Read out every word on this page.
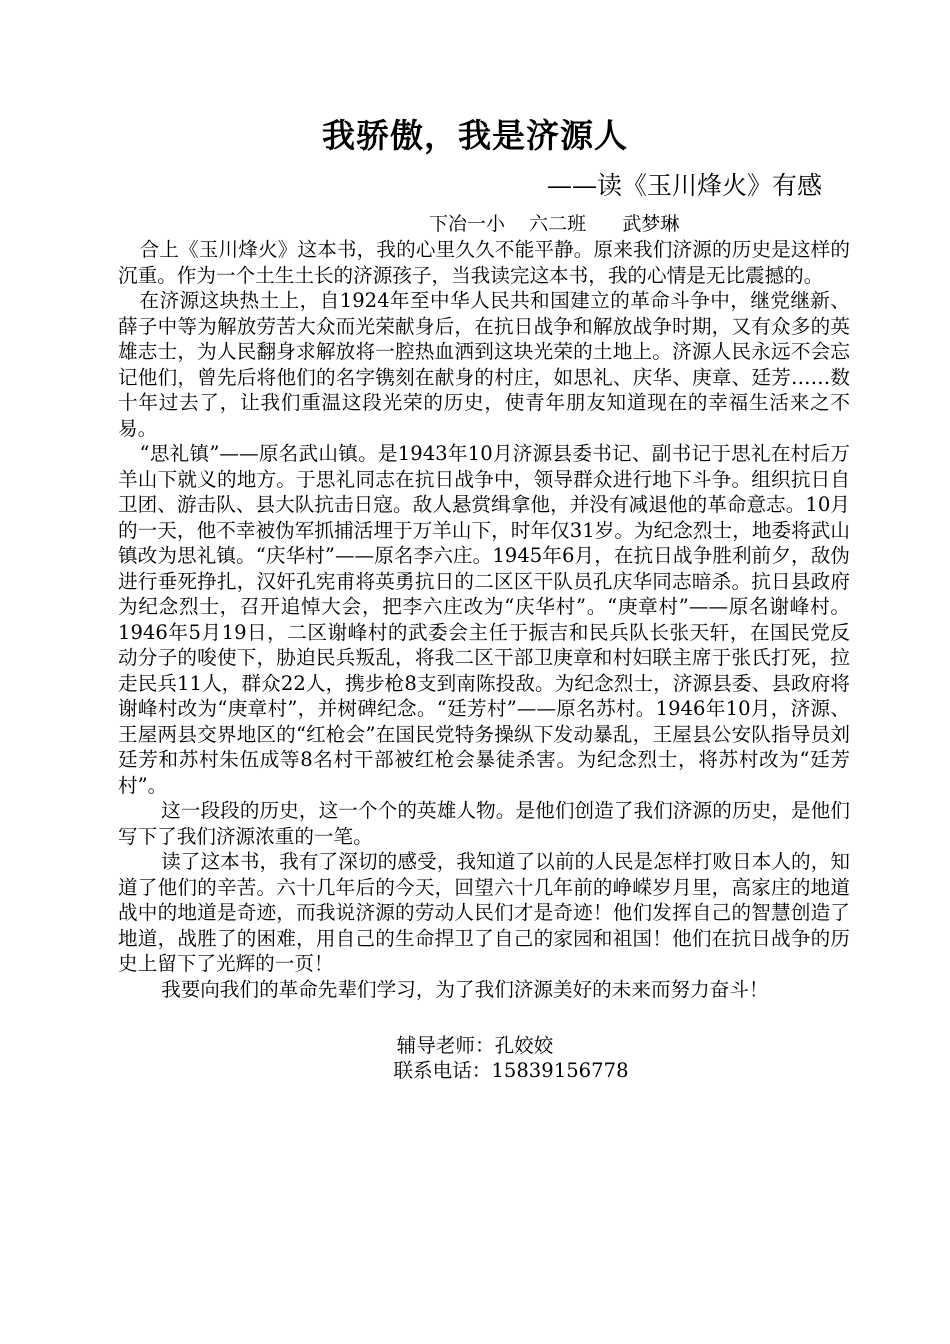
我骄傲，我是济源人
——读《玉川烽火》有感
下冶一小    六二班      武梦琳

合上《玉川烽火》这本书，我的心里久久不能平静。原来我们济源的历史是这样的沉重。作为一个土生土长的济源孩子，当我读完这本书，我的心情是无比震撼的。

在济源这块热土上，自1924年至中华人民共和国建立的革命斗争中，继党继新、薛子中等为解放劳苦大众而光荣献身后，在抗日战争和解放战争时期，又有众多的英雄志士，为人民翻身求解放将一腔热血洒到这块光荣的土地上。济源人民永远不会忘记他们，曾先后将他们的名字镌刻在献身的村庄，如思礼、庆华、庚章、廷芳……数十年过去了，让我们重温这段光荣的历史，使青年朋友知道现在的幸福生活来之不易。

“思礼镇”——原名武山镇。是1943年10月济源县委书记、副书记于思礼在村后万羊山下就义的地方。于思礼同志在抗日战争中，领导群众进行地下斗争。组织抗日自卫团、游击队、县大队抗击日寇。敌人悬赏缉拿他，并没有减退他的革命意志。10月的一天，他不幸被伪军抓捕活埋于万羊山下，时年仅31岁。为纪念烈士，地委将武山镇改为思礼镇。“庆华村”——原名李六庄。1945年6月，在抗日战争胜利前夕，敌伪进行垂死挣扎，汉奸孔宪甫将英勇抗日的二区区干队员孔庆华同志暗杀。抗日县政府为纪念烈士，召开追悼大会，把李六庄改为“庆华村”。“庚章村”——原名谢峰村。1946年5月19日，二区谢峰村的武委会主任于振吉和民兵队长张天轩，在国民党反动分子的唆使下，胁迫民兵叛乱，将我二区干部卫庚章和村妇联主席于张氏打死，拉走民兵11人，群众22人，携步枪8支到南陈投敌。为纪念烈士，济源县委、县政府将谢峰村改为“庚章村”，并树碑纪念。“廷芳村”——原名苏村。1946年10月，济源、王屋两县交界地区的“红枪会”在国民党特务操纵下发动暴乱，王屋县公安队指导员刘廷芳和苏村朱伍成等8名村干部被红枪会暴徒杀害。为纪念烈士，将苏村改为“廷芳村”。

这一段段的历史，这一个个的英雄人物。是他们创造了我们济源的历史，是他们写下了我们济源浓重的一笔。

读了这本书，我有了深切的感受，我知道了以前的人民是怎样打败日本人的，知道了他们的辛苦。六十几年后的今天，回望六十几年前的峥嵘岁月里，高家庄的地道战中的地道是奇迹，而我说济源的劳动人民们才是奇迹！他们发挥自己的智慧创造了地道，战胜了的困难，用自己的生命捍卫了自己的家园和祖国！他们在抗日战争的历史上留下了光辉的一页！

我要向我们的革命先辈们学习，为了我们济源美好的未来而努力奋斗！

辅导老师：孔姣姣
联系电话：15839156778
